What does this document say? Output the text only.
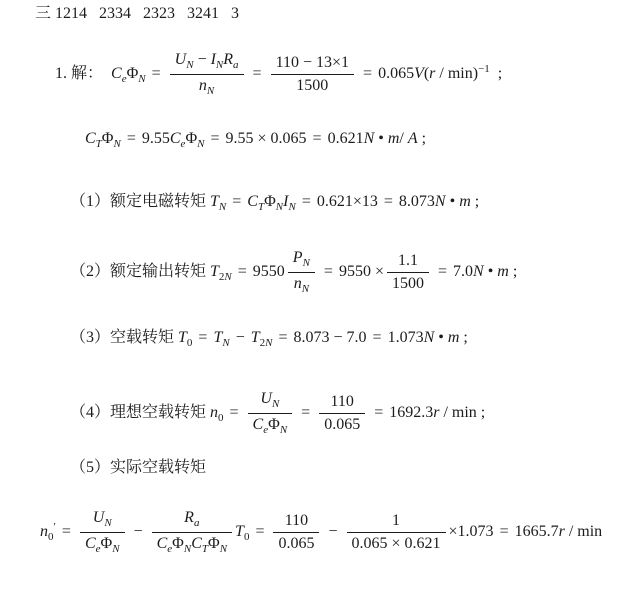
三 1214   2334   2323   3241   3
1. 解：  $C_e\Phi_N = \frac{U_N - I_NR_a}{n_N} = \frac{110 - 13\times 1}{1500} = 0.065V(r / \min)^{-1}$  ;
$C_T\Phi_N = 9.55C_e\Phi_N = 9.55 \times 0.065 = 0.621N$ • m/ A ;
（1）额定电磁转矩 $T_N = C_T\Phi_NI_N = 0.621\times 13 = 8.073N$ • m ;
（2）额定输出转矩 $T_{2N} = 9550 \frac{P_N}{n_N} = 9550 \times \frac{1.1}{1500} = 7.0N$ • m ;
（3）空载转矩 $T_0 = T_N - T_{2N} = 8.073 - 7.0 = 1.073N$ • m ;
（4）理想空载转矩 $n_0 = \frac{U_N}{C_e\Phi_N} = \frac{110}{0.065} = 1692.3r / \min$ ;
（5）实际空载转矩
$n_0' = \frac{U_N}{C_e\Phi_N} - \frac{R_a}{C_e\Phi_NC_T\Phi_N} T_0 = \frac{110}{0.065} - \frac{1}{0.065 \times 0.621} \times 1.073 = 1665.7r / \min$
